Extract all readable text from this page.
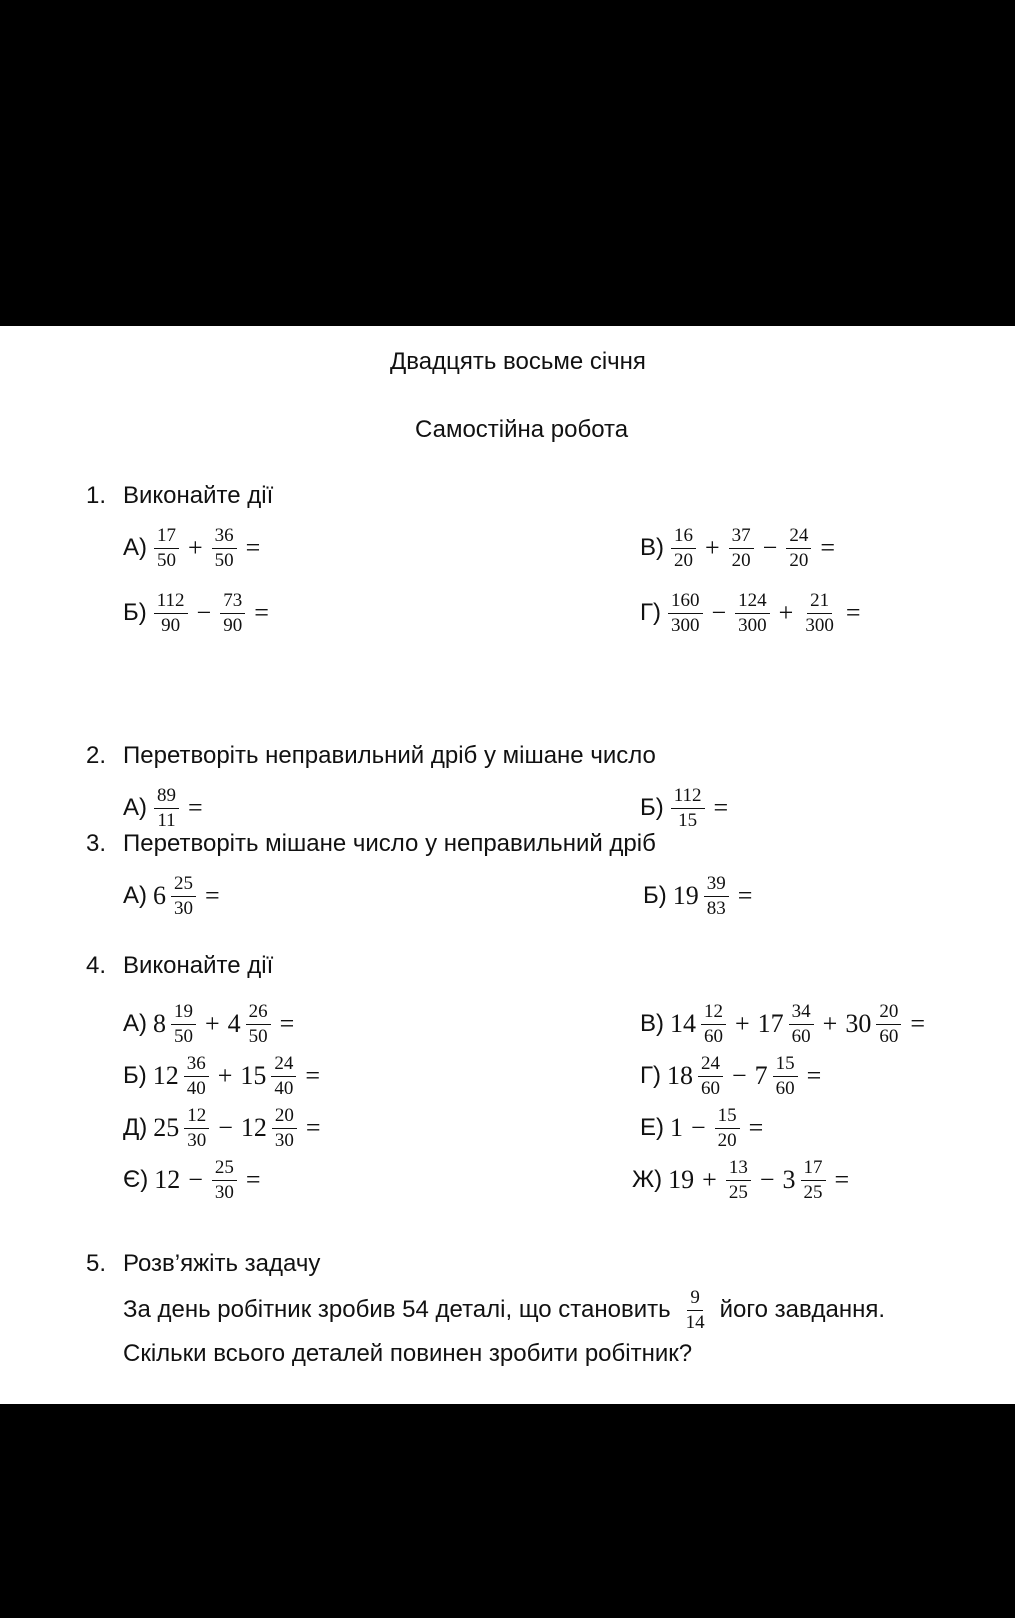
Двадцять восьме січня
Самостійна робота
1. Виконайте дії
$А) \frac{17}{50} + \frac{36}{50}$ =
$Б) \frac{112}{90} - \frac{73}{90}$ =
$В) \frac{16}{20} + \frac{37}{20} - \frac{24}{20}$ =
$Г) \frac{160}{300} - \frac{124}{300} + \frac{21}{300}$ =
2. Перетворіть неправильний дріб у мішане число
$А) \frac{89}{11}$ =	$Б) \frac{112}{15}$ =
3. Перетворіть мішане число у неправильний дріб
А) $6 \frac{25}{30}$ =	Б) $19 \frac{39}{83}$ =
4. Виконайте дії
А) $8 \frac{19}{50} + 4 \frac{26}{50}$ =
Б) $12 \frac{36}{40} + 15 \frac{24}{40}$ =
Д) $25 \frac{12}{30} - 12 \frac{20}{30}$ =
Є) $12 - \frac{25}{30}$ =
В) $14 \frac{12}{60} + 17 \frac{34}{60} + 30 \frac{20}{60}$ =
Г) $18 \frac{24}{60} - 7 \frac{15}{60}$ =
Е) $1 - \frac{15}{20}$ =
Ж) $19 + \frac{13}{25} - 3 \frac{17}{25}$ =
5. Розв’яжіть задачу
За день робітник зробив 54 деталі, що становить $\frac{9}{14}$ його завдання.
Скільки всього деталей повинен зробити робітник?
